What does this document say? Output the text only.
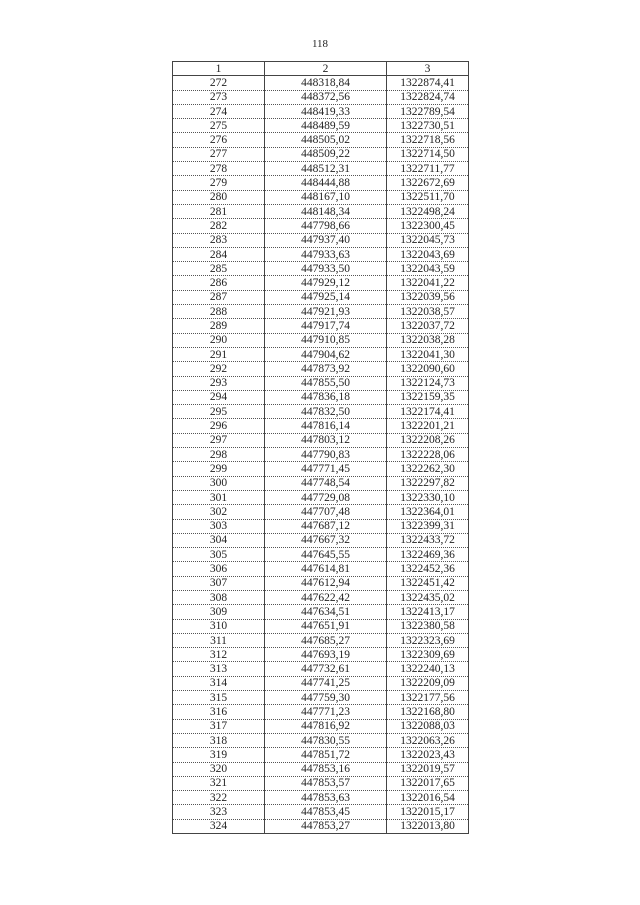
118
1	2	3
272	448318,84	1322874,41
273	448372,56	1322824,74
274	448419,33	1322789,54
275	448489,59	1322730,51
276	448505,02	1322718,56
277	448509,22	1322714,50
278	448512,31	1322711,77
279	448444,88	1322672,69
280	448167,10	1322511,70
281	448148,34	1322498,24
282	447798,66	1322300,45
283	447937,40	1322045,73
284	447933,63	1322043,69
285	447933,50	1322043,59
286	447929,12	1322041,22
287	447925,14	1322039,56
288	447921,93	1322038,57
289	447917,74	1322037,72
290	447910,85	1322038,28
291	447904,62	1322041,30
292	447873,92	1322090,60
293	447855,50	1322124,73
294	447836,18	1322159,35
295	447832,50	1322174,41
296	447816,14	1322201,21
297	447803,12	1322208,26
298	447790,83	1322228,06
299	447771,45	1322262,30
300	447748,54	1322297,82
301	447729,08	1322330,10
302	447707,48	1322364,01
303	447687,12	1322399,31
304	447667,32	1322433,72
305	447645,55	1322469,36
306	447614,81	1322452,36
307	447612,94	1322451,42
308	447622,42	1322435,02
309	447634,51	1322413,17
310	447651,91	1322380,58
311	447685,27	1322323,69
312	447693,19	1322309,69
313	447732,61	1322240,13
314	447741,25	1322209,09
315	447759,30	1322177,56
316	447771,23	1322168,80
317	447816,92	1322088,03
318	447830,55	1322063,26
319	447851,72	1322023,43
320	447853,16	1322019,57
321	447853,57	1322017,65
322	447853,63	1322016,54
323	447853,45	1322015,17
324	447853,27	1322013,80
